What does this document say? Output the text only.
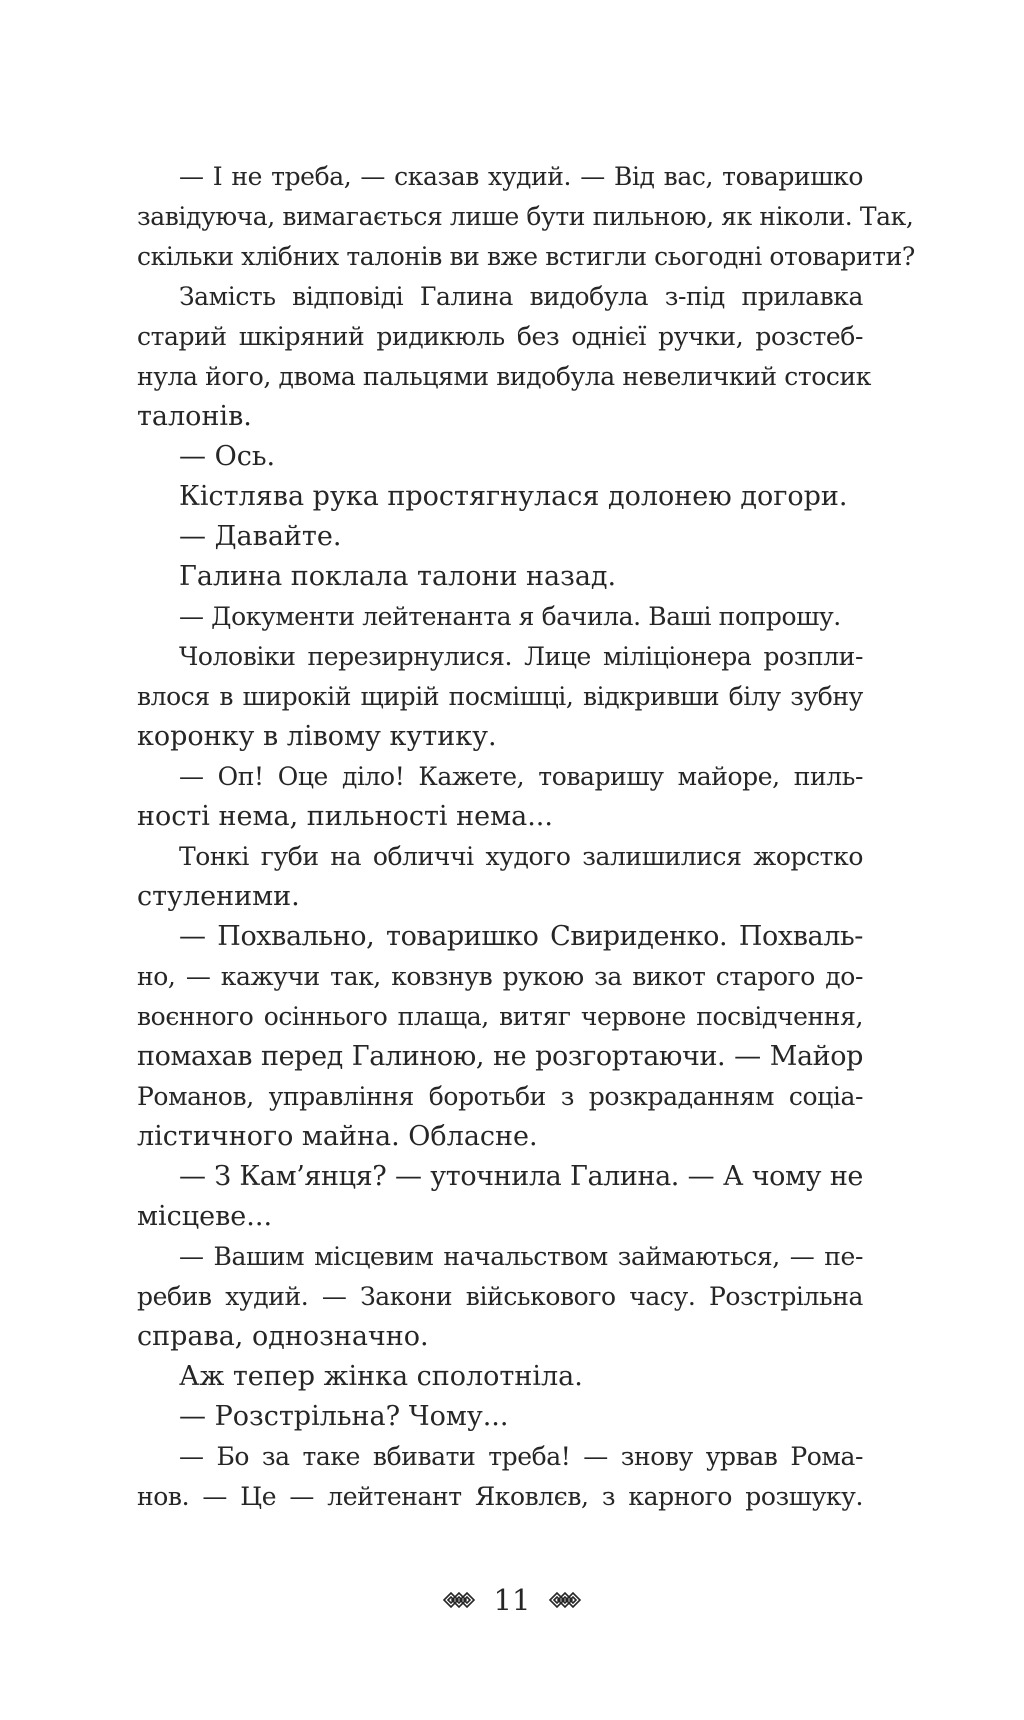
— І не треба, — сказав худий. — Від вас, товаришко
завідуюча, вимагається лише бути пильною, як ніколи. Так,
скільки хлібних талонів ви вже встигли сьогодні отоварити?
Замість відповіді Галина видобула з-під прилавка
старий шкіряний ридикюль без однієї ручки, розстеб-
нула його, двома пальцями видобула невеличкий стосик
талонів.
— Ось.
Кістлява рука простягнулася долонею догори.
— Давайте.
Галина поклала талони назад.
— Документи лейтенанта я бачила. Ваші попрошу.
Чоловіки перезирнулися. Лице міліціонера розпли-
влося в широкій щирій посмішці, відкривши білу зубну
коронку в лівому кутику.
— Оп! Оце діло! Кажете, товаришу майоре, пиль-
ності нема, пильності нема...
Тонкі губи на обличчі худого залишилися жорстко
стуленими.
— Похвально, товаришко Свириденко. Похваль-
но, — кажучи так, ковзнув рукою за викот старого до-
воєнного осіннього плаща, витяг червоне посвідчення,
помахав перед Галиною, не розгортаючи. — Майор
Романов, управління боротьби з розкраданням соціа-
лістичного майна. Обласне.
— З Кам’янця? — уточнила Галина. — А чому не
місцеве...
— Вашим місцевим начальством займаються, — пе-
ребив худий. — Закони військового часу. Розстрільна
справа, однозначно.
Аж тепер жінка сполотніла.
— Розстрільна? Чому...
— Бо за таке вбивати треба! — знову урвав Рома-
нов. — Це — лейтенант Яковлєв, з карного розшуку.
11
